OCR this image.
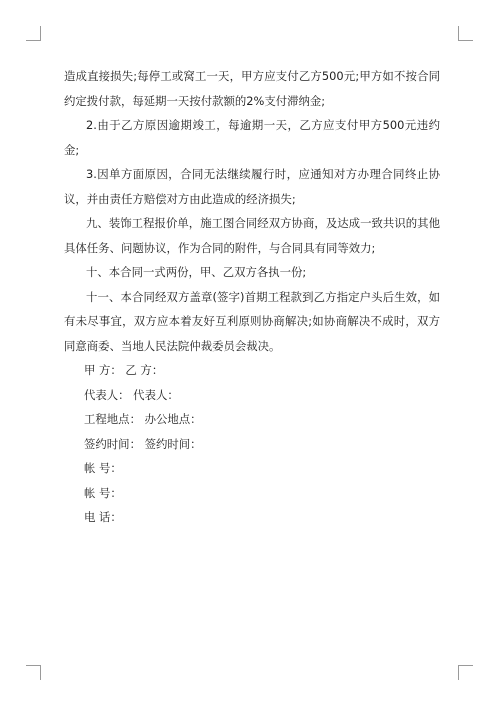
造成直接损失;每停工或窝工一天，甲方应支付乙方500元;甲方如不按合同约定拨付款，每延期一天按付款额的2%支付滞纳金;

2.由于乙方原因逾期竣工，每逾期一天，乙方应支付甲方500元违约金;

3.因单方面原因，合同无法继续履行时，应通知对方办理合同终止协议，并由责任方赔偿对方由此造成的经济损失;

九、装饰工程报价单，施工图合同经双方协商，及达成一致共识的其他具体任务、问题协议，作为合同的附件，与合同具有同等效力;

十、本合同一式两份，甲、乙双方各执一份;

十一、本合同经双方盖章(签字)首期工程款到乙方指定户头后生效，如有未尽事宜，双方应本着友好互利原则协商解决;如协商解决不成时，双方同意商委、当地人民法院仲裁委员会裁决。

甲 方： 乙 方：

代表人： 代表人：

工程地点： 办公地点：

签约时间： 签约时间：

帐 号：

帐 号：

电 话：
